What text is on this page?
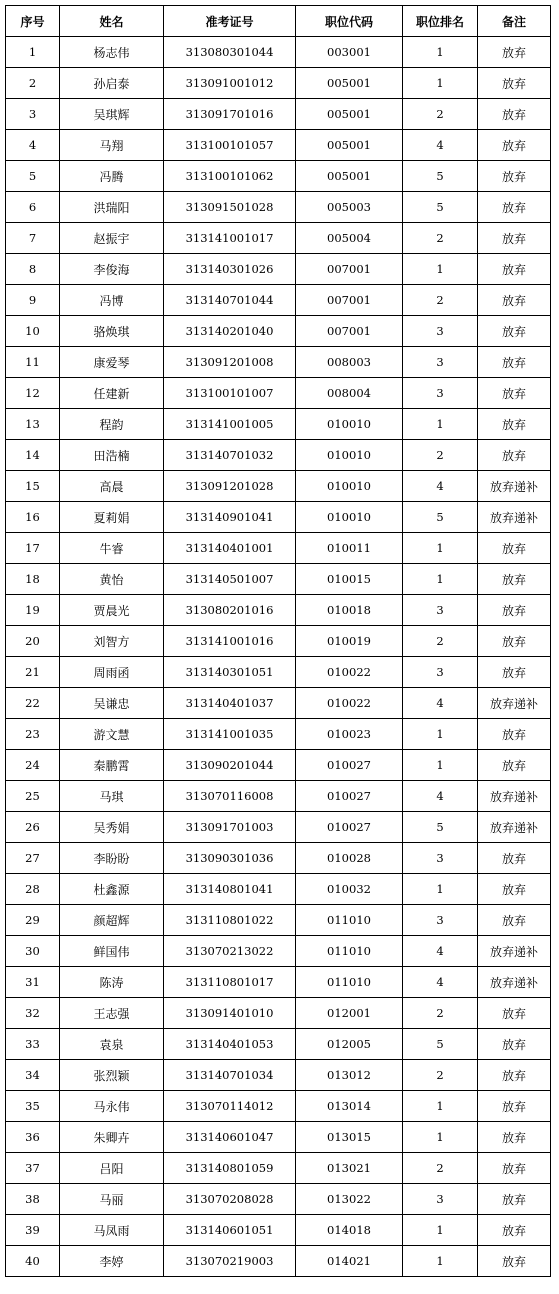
序号	姓名	准考证号	职位代码	职位排名	备注
1	杨志伟	313080301044	003001	1	放弃
2	孙启泰	313091001012	005001	1	放弃
3	吴琪辉	313091701016	005001	2	放弃
4	马翔	313100101057	005001	4	放弃
5	冯腾	313100101062	005001	5	放弃
6	洪瑞阳	313091501028	005003	5	放弃
7	赵振宇	313141001017	005004	2	放弃
8	李俊海	313140301026	007001	1	放弃
9	冯博	313140701044	007001	2	放弃
10	骆焕琪	313140201040	007001	3	放弃
11	康爱琴	313091201008	008003	3	放弃
12	任建新	313100101007	008004	3	放弃
13	程韵	313141001005	010010	1	放弃
14	田浩楠	313140701032	010010	2	放弃
15	高晨	313091201028	010010	4	放弃递补
16	夏莉娟	313140901041	010010	5	放弃递补
17	牛睿	313140401001	010011	1	放弃
18	黄怡	313140501007	010015	1	放弃
19	贾晨光	313080201016	010018	3	放弃
20	刘智方	313141001016	010019	2	放弃
21	周雨函	313140301051	010022	3	放弃
22	吴谦忠	313140401037	010022	4	放弃递补
23	游文慧	313141001035	010023	1	放弃
24	秦鹏霄	313090201044	010027	1	放弃
25	马琪	313070116008	010027	4	放弃递补
26	吴秀娟	313091701003	010027	5	放弃递补
27	李盼盼	313090301036	010028	3	放弃
28	杜鑫源	313140801041	010032	1	放弃
29	颜超辉	313110801022	011010	3	放弃
30	鲜国伟	313070213022	011010	4	放弃递补
31	陈涛	313110801017	011010	4	放弃递补
32	王志强	313091401010	012001	2	放弃
33	袁泉	313140401053	012005	5	放弃
34	张烈颖	313140701034	013012	2	放弃
35	马永伟	313070114012	013014	1	放弃
36	朱卿卉	313140601047	013015	1	放弃
37	吕阳	313140801059	013021	2	放弃
38	马丽	313070208028	013022	3	放弃
39	马凤雨	313140601051	014018	1	放弃
40	李婷	313070219003	014021	1	放弃
